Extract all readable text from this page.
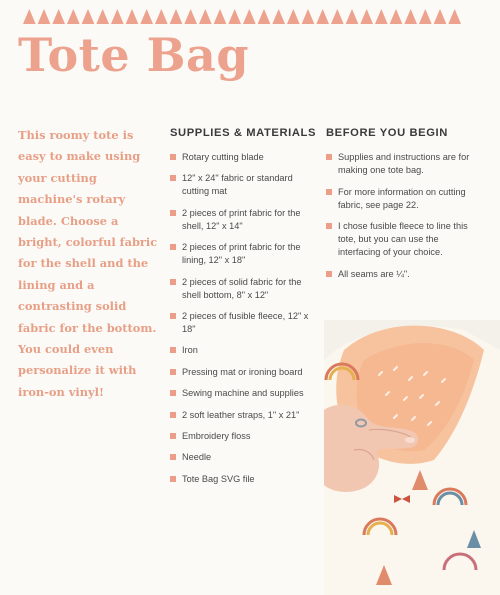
Tote Bag

This roomy tote is easy to make using your cutting machine's rotary blade. Choose a bright, colorful fabric for the shell and the lining and a contrasting solid fabric for the bottom. You could even personalize it with iron-on vinyl!

SUPPLIES & MATERIALS
Rotary cutting blade
12" x 24" fabric or standard cutting mat
2 pieces of print fabric for the shell, 12" x 14"
2 pieces of print fabric for the lining, 12" x 18"
2 pieces of solid fabric for the shell bottom, 8" x 12"
2 pieces of fusible fleece, 12" x 18"
Iron
Pressing mat or ironing board
Sewing machine and supplies
2 soft leather straps, 1" x 21"
Embroidery floss
Needle
Tote Bag SVG file
BEFORE YOU BEGIN
Supplies and instructions are for making one tote bag.
For more information on cutting fabric, see page 22.
I chose fusible fleece to line this tote, but you can use the interfacing of your choice.
All seams are ¼".
